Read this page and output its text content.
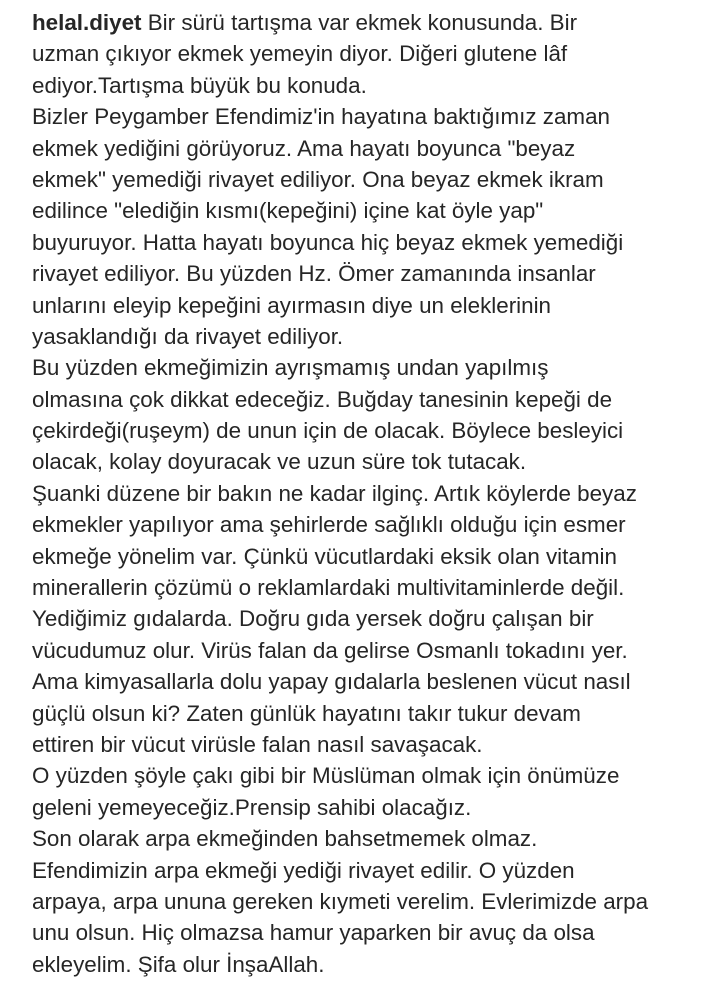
helal.diyet Bir sürü tartışma var ekmek konusunda. Bir
uzman çıkıyor ekmek yemeyin diyor. Diğeri glutene lâf
ediyor.Tartışma büyük bu konuda.
Bizler Peygamber Efendimiz'in hayatına baktığımız zaman
ekmek yediğini görüyoruz. Ama hayatı boyunca "beyaz
ekmek" yemediği rivayet ediliyor. Ona beyaz ekmek ikram
edilince "elediğin kısmı(kepeğini) içine kat öyle yap"
buyuruyor. Hatta hayatı boyunca hiç beyaz ekmek yemediği
rivayet ediliyor. Bu yüzden Hz. Ömer zamanında insanlar
unlarını eleyip kepeğini ayırmasın diye un eleklerinin
yasaklandığı da rivayet ediliyor.
Bu yüzden ekmeğimizin ayrışmamış undan yapılmış
olmasına çok dikkat edeceğiz. Buğday tanesinin kepeği de
çekirdeği(ruşeym) de unun için de olacak. Böylece besleyici
olacak, kolay doyuracak ve uzun süre tok tutacak.
Şuanki düzene bir bakın ne kadar ilginç. Artık köylerde beyaz
ekmekler yapılıyor ama şehirlerde sağlıklı olduğu için esmer
ekmeğe yönelim var. Çünkü vücutlardaki eksik olan vitamin
minerallerin çözümü o reklamlardaki multivitaminlerde değil.
Yediğimiz gıdalarda. Doğru gıda yersek doğru çalışan bir
vücudumuz olur. Virüs falan da gelirse Osmanlı tokadını yer.
Ama kimyasallarla dolu yapay gıdalarla beslenen vücut nasıl
güçlü olsun ki? Zaten günlük hayatını takır tukur devam
ettiren bir vücut virüsle falan nasıl savaşacak.
O yüzden şöyle çakı gibi bir Müslüman olmak için önümüze
geleni yemeyeceğiz.Prensip sahibi olacağız.
Son olarak arpa ekmeğinden bahsetmemek olmaz.
Efendimizin arpa ekmeği yediği rivayet edilir. O yüzden
arpaya, arpa ununa gereken kıymeti verelim. Evlerimizde arpa
unu olsun. Hiç olmazsa hamur yaparken bir avuç da olsa
ekleyelim. Şifa olur İnşaAllah.
